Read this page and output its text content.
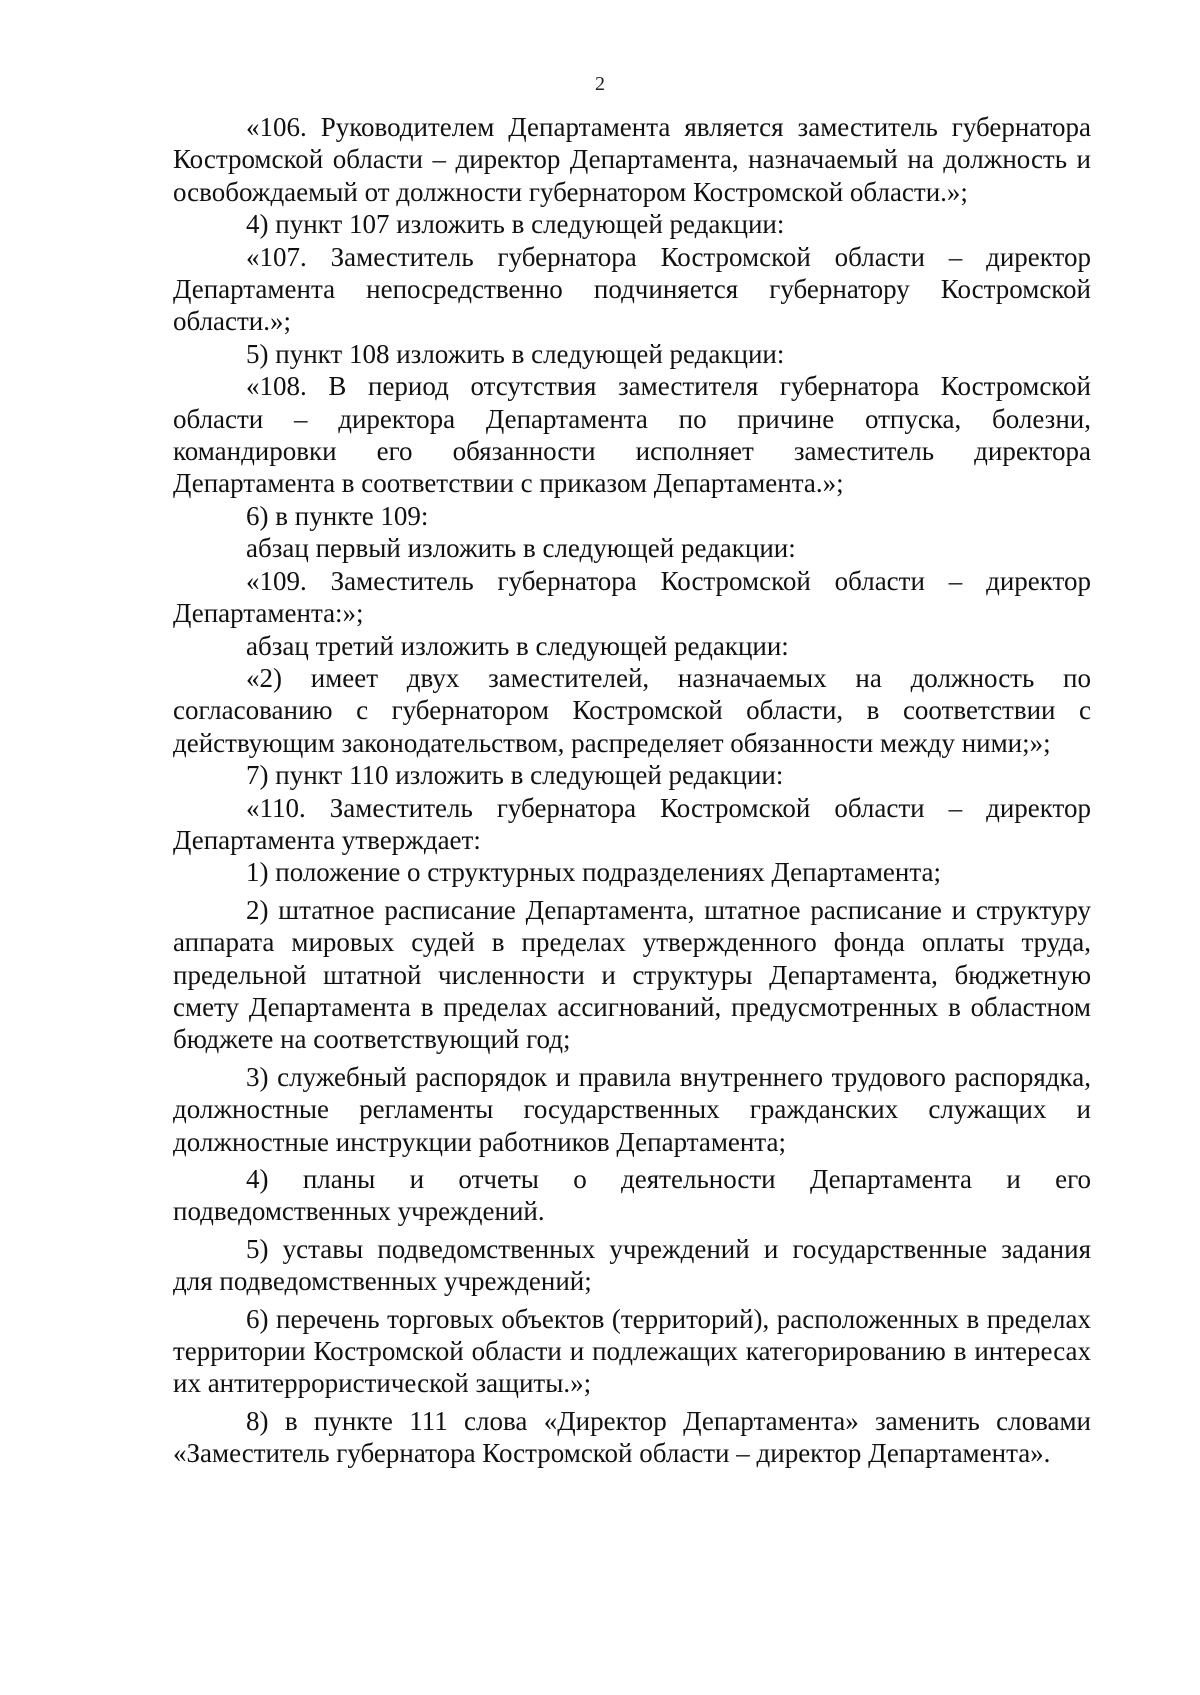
2

«106. Руководителем Департамента является заместитель губернатора Костромской области – директор Департамента, назначаемый на должность и освобождаемый от должности губернатором Костромской области.»;

4) пункт 107 изложить в следующей редакции:

«107. Заместитель губернатора Костромской области – директор Департамента непосредственно подчиняется губернатору Костромской области.»;

5) пункт 108 изложить в следующей редакции:

«108. В период отсутствия заместителя губернатора Костромской области – директора Департамента по причине отпуска, болезни, командировки его обязанности исполняет заместитель директора Департамента в соответствии с приказом Департамента.»;

6) в пункте 109:

абзац первый изложить в следующей редакции:

«109. Заместитель губернатора Костромской области – директор Департамента:»;

абзац третий изложить в следующей редакции:

«2) имеет двух заместителей, назначаемых на должность по согласованию с губернатором Костромской области, в соответствии с действующим законодательством, распределяет обязанности между ними;»;

7) пункт 110 изложить в следующей редакции:

«110. Заместитель губернатора Костромской области – директор Департамента утверждает:

1) положение о структурных подразделениях Департамента;

2) штатное расписание Департамента, штатное расписание и структуру аппарата мировых судей в пределах утвержденного фонда оплаты труда, предельной штатной численности и структуры Департамента, бюджетную смету Департамента в пределах ассигнований, предусмотренных в областном бюджете на соответствующий год;

3) служебный распорядок и правила внутреннего трудового распорядка, должностные регламенты государственных гражданских служащих и должностные инструкции работников Департамента;

4) планы и отчеты о деятельности Департамента и его подведомственных учреждений.

5) уставы подведомственных учреждений и государственные задания для подведомственных учреждений;

6) перечень торговых объектов (территорий), расположенных в пределах территории Костромской области и подлежащих категорированию в интересах их антитеррористической защиты.»;

8) в пункте 111 слова «Директор Департамента» заменить словами «Заместитель губернатора Костромской области – директор Департамента».
